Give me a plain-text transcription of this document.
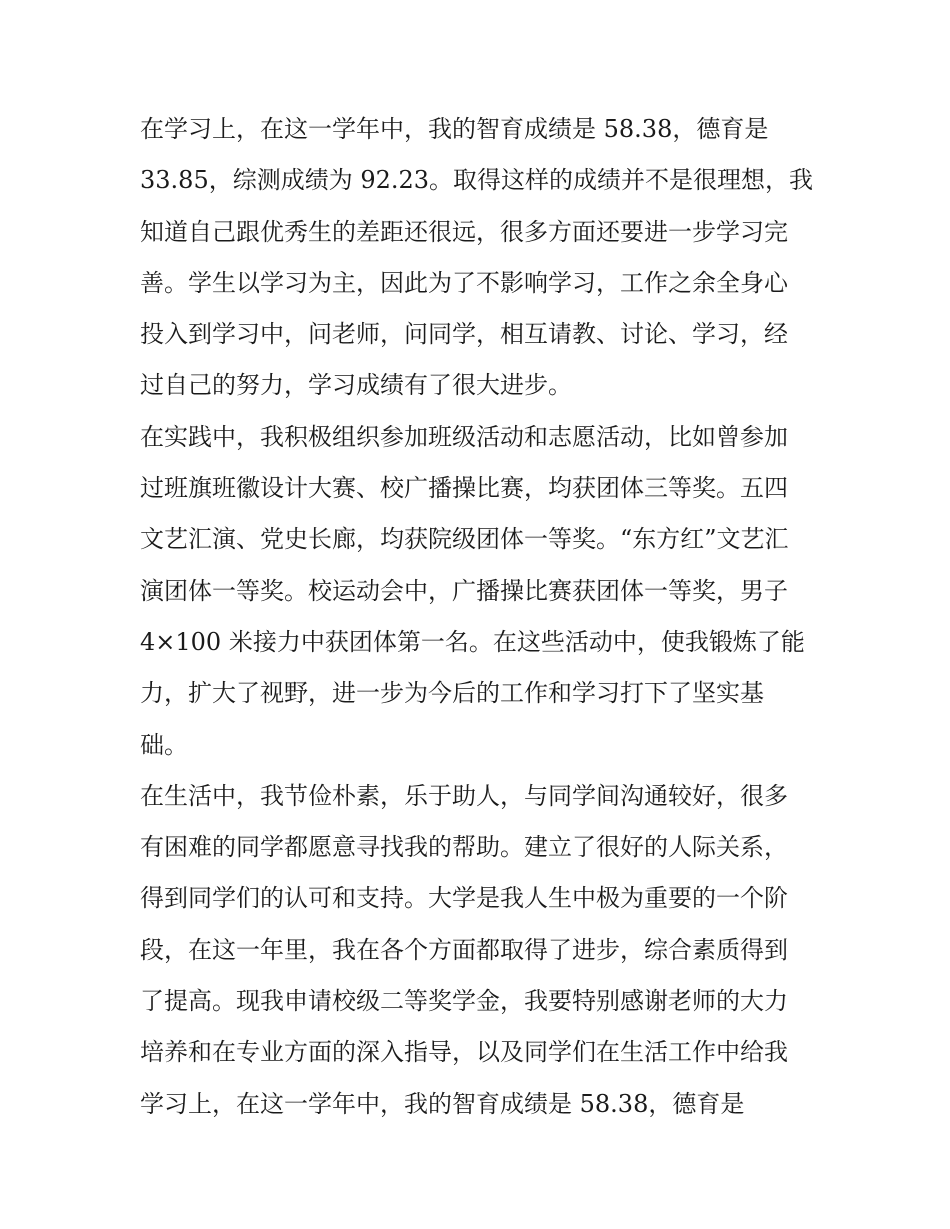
在学习上，在这一学年中，我的智育成绩是 58.38，德育是
33.85，综测成绩为 92.23。取得这样的成绩并不是很理想，我
知道自己跟优秀生的差距还很远，很多方面还要进一步学习完
善。学生以学习为主，因此为了不影响学习，工作之余全身心
投入到学习中，问老师，问同学，相互请教、讨论、学习，经
过自己的努力，学习成绩有了很大进步。
在实践中，我积极组织参加班级活动和志愿活动，比如曾参加
过班旗班徽设计大赛、校广播操比赛，均获团体三等奖。五四
文艺汇演、党史长廊，均获院级团体一等奖。“东方红”文艺汇
演团体一等奖。校运动会中，广播操比赛获团体一等奖，男子
4×100 米接力中获团体第一名。在这些活动中，使我锻炼了能
力，扩大了视野，进一步为今后的工作和学习打下了坚实基
础。
在生活中，我节俭朴素，乐于助人，与同学间沟通较好，很多
有困难的同学都愿意寻找我的帮助。建立了很好的人际关系，
得到同学们的认可和支持。大学是我人生中极为重要的一个阶
段，在这一年里，我在各个方面都取得了进步，综合素质得到
了提高。现我申请校级二等奖学金，我要特别感谢老师的大力
培养和在专业方面的深入指导，以及同学们在生活工作中给我
学习上，在这一学年中，我的智育成绩是 58.38，德育是
